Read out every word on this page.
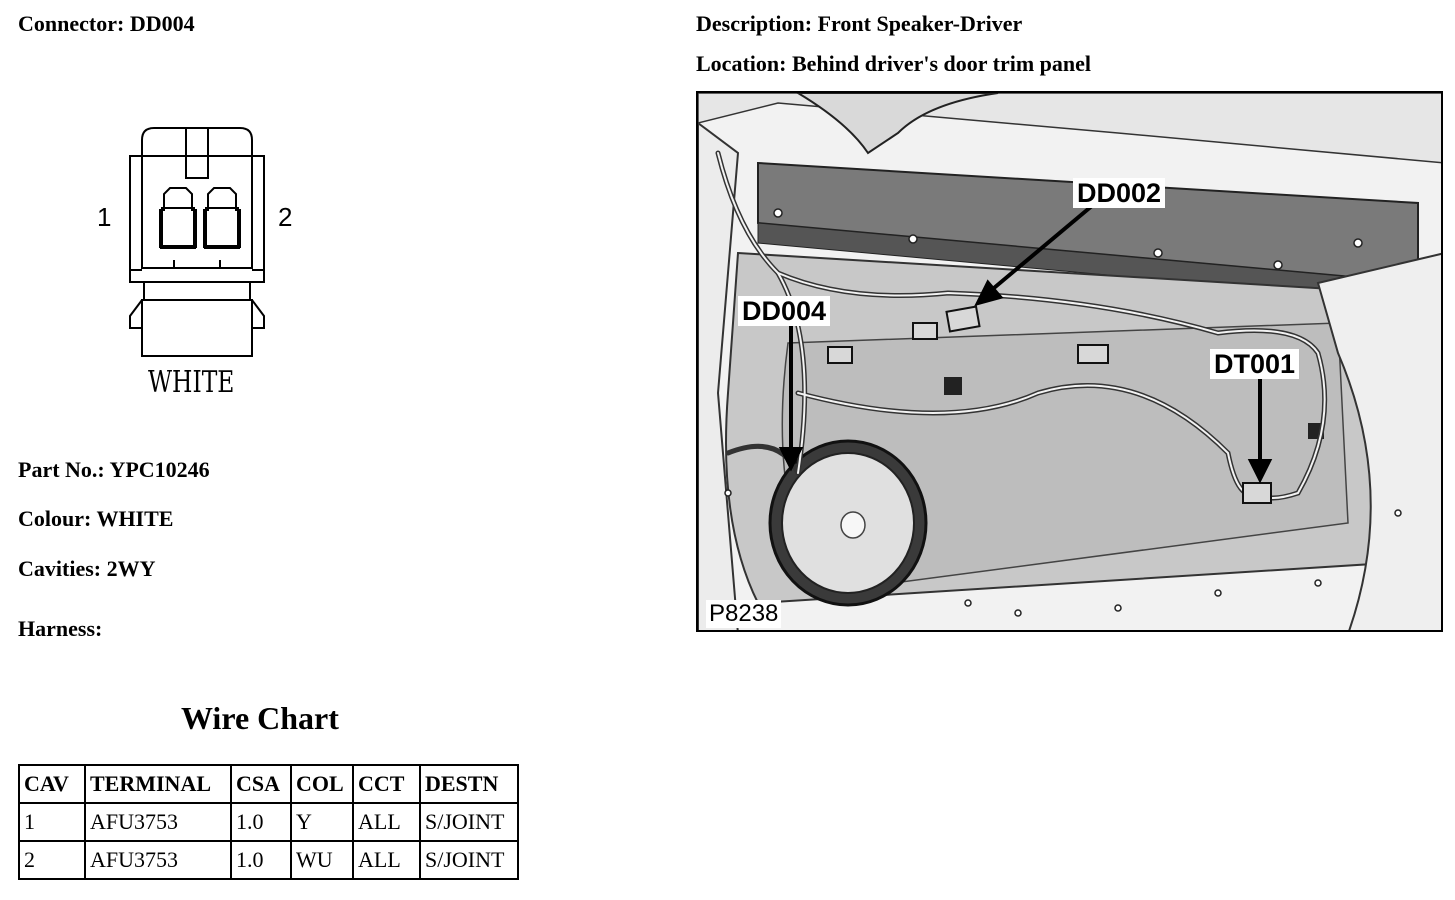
Connector: DD004	Description: Front Speaker-Driver
Location: Behind driver's door trim panel
1	2
WHITE
Part No.: YPC10246
Colour: WHITE
Cavities: 2WY
Harness:
Wire Chart
CAV	TERMINAL	CSA	COL	CCT	DESTN
1	AFU3753	1.0	Y	ALL	S/JOINT
2	AFU3753	1.0	WU	ALL	S/JOINT
DD002
DD004
DT001
P8238
